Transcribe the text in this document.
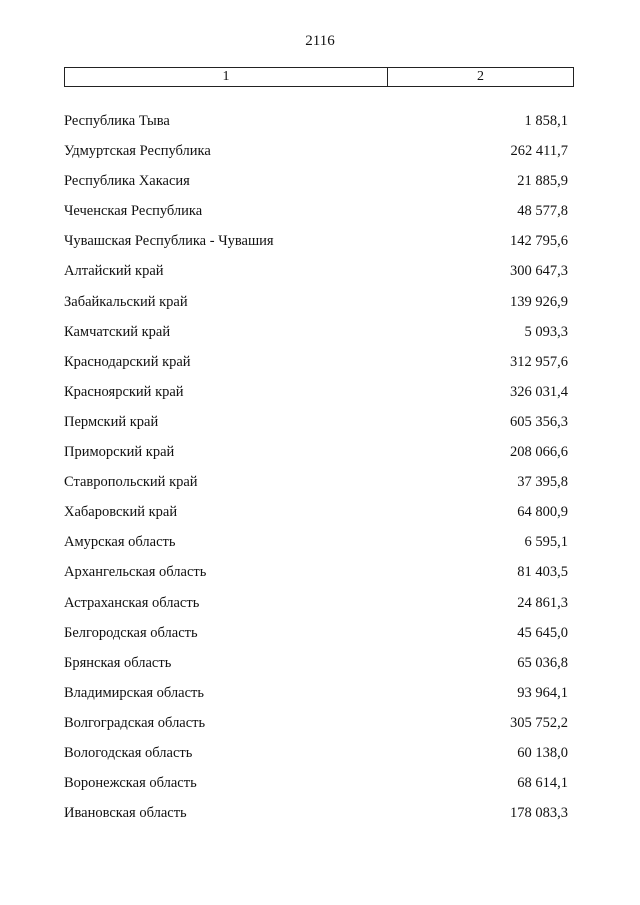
2116
1	2
Республика Тыва	1 858,1
Удмуртская Республика	262 411,7
Республика Хакасия	21 885,9
Чеченская Республика	48 577,8
Чувашская Республика - Чувашия	142 795,6
Алтайский край	300 647,3
Забайкальский край	139 926,9
Камчатский край	5 093,3
Краснодарский край	312 957,6
Красноярский край	326 031,4
Пермский край	605 356,3
Приморский край	208 066,6
Ставропольский край	37 395,8
Хабаровский край	64 800,9
Амурская область	6 595,1
Архангельская область	81 403,5
Астраханская область	24 861,3
Белгородская область	45 645,0
Брянская область	65 036,8
Владимирская область	93 964,1
Волгоградская область	305 752,2
Вологодская область	60 138,0
Воронежская область	68 614,1
Ивановская область	178 083,3
